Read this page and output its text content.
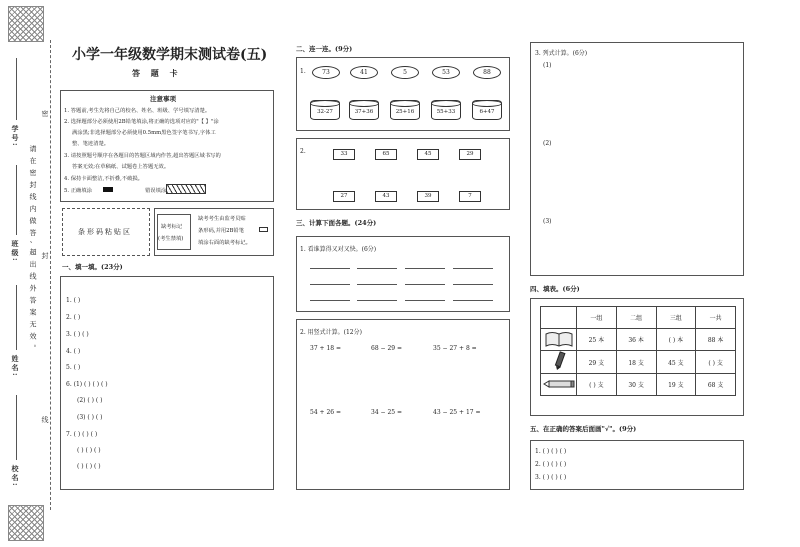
学号:
班级:
姓名:
校名:
请在密封线内做答,超出线外答案无效。
密
封
线
小学一年级数学期末测试卷(五)
答 题 卡
注意事项
1. 答题前,考生先将自己的校名、姓名、班级、学号填写清楚。
2. 选择题部分必须使用2B铅笔填涂,将正确的选项对应的"【 】"涂
满涂黑;非选择题部分必须使用0.5mm黑色签字笔书写,字体工
整、笔迹清楚。
3. 请按照题号顺序在各题目的答题区域内作答,超出答题区域书写的
答案无效;在草稿纸、试题卷上答题无效。
4. 保持卡面整洁,不折叠,不破损。
5. 正确填涂	错误填涂
条形码粘贴区
缺考标记
(考生禁填)
缺考考生由监考员贴
条形码,并用2B铅笔
填涂右面的缺考标记。
一、填一填。(23分)
1. ( )
2. ( )
3. ( ) ( )
4. ( )
5. ( )
6. (1) ( ) ( ) ( )
(2) ( ) ( )
(3) ( ) ( )
7. ( ) ( ) ( )
( ) ( ) ( )
( ) ( ) ( )
二、连一连。(9分)
1.	73	41	5	53	88
32-27	37+36	25+16	55+33	6+47
2.	33	65	45	29
27	43	39	7
三、计算下面各题。(24分)
1. 看谁算得又对又快。(6分)
2. 用竖式计算。(12分)
37 + 18 =	68 − 29 =	35 − 27 + 8 =
54 + 26 =	34 − 25 =	43 − 25 + 17 =
3. 列式计算。(6分)
(1)
(2)
(3)
四、填表。(6分)
	一组	二组	三组	一共
	25 本	36 本	( ) 本	88 本
	29 支	18 支	45 支	( ) 支
	( ) 支	30 支	19 支	68 支
五、在正确的答案后面画"√"。(9分)
1. ( ) ( ) ( )
2. ( ) ( ) ( )
3. ( ) ( ) ( )
